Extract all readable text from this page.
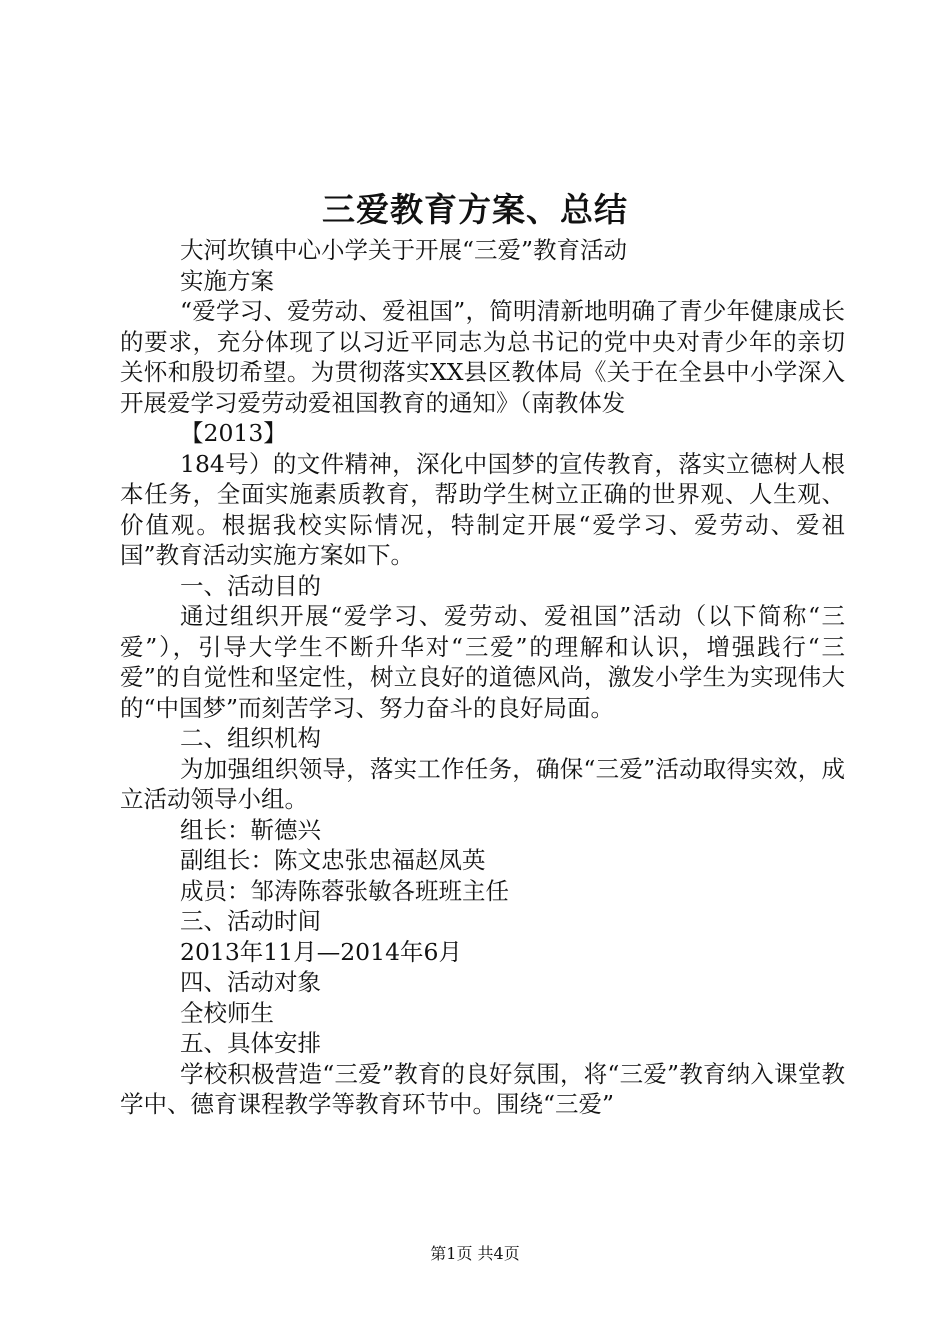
三爱教育方案、总结

大河坎镇中心小学关于开展“三爱”教育活动

实施方案

“爱学习、爱劳动、爱祖国”，简明清新地明确了青少年健康成长的要求，充分体现了以习近平同志为总书记的党中央对青少年的亲切关怀和殷切希望。为贯彻落实XX县区教体局《关于在全县中小学深入开展爱学习爱劳动爱祖国教育的通知》（南教体发

【2013】

184号）的文件精神，深化中国梦的宣传教育，落实立德树人根本任务，全面实施素质教育，帮助学生树立正确的世界观、人生观、价值观。根据我校实际情况，特制定开展“爱学习、爱劳动、爱祖国”教育活动实施方案如下。

一、活动目的

通过组织开展“爱学习、爱劳动、爱祖国”活动（以下简称“三爱”），引导大学生不断升华对“三爱”的理解和认识，增强践行“三爱”的自觉性和坚定性，树立良好的道德风尚，激发小学生为实现伟大的“中国梦”而刻苦学习、努力奋斗的良好局面。

二、组织机构

为加强组织领导，落实工作任务，确保“三爱”活动取得实效，成立活动领导小组。

组长：靳德兴

副组长：陈文忠张忠福赵凤英

成员：邹涛陈蓉张敏各班班主任

三、活动时间

2013年11月—2014年6月

四、活动对象

全校师生

五、具体安排

学校积极营造“三爱”教育的良好氛围，将“三爱”教育纳入课堂教学中、德育课程教学等教育环节中。围绕“三爱”

第1页 共4页
